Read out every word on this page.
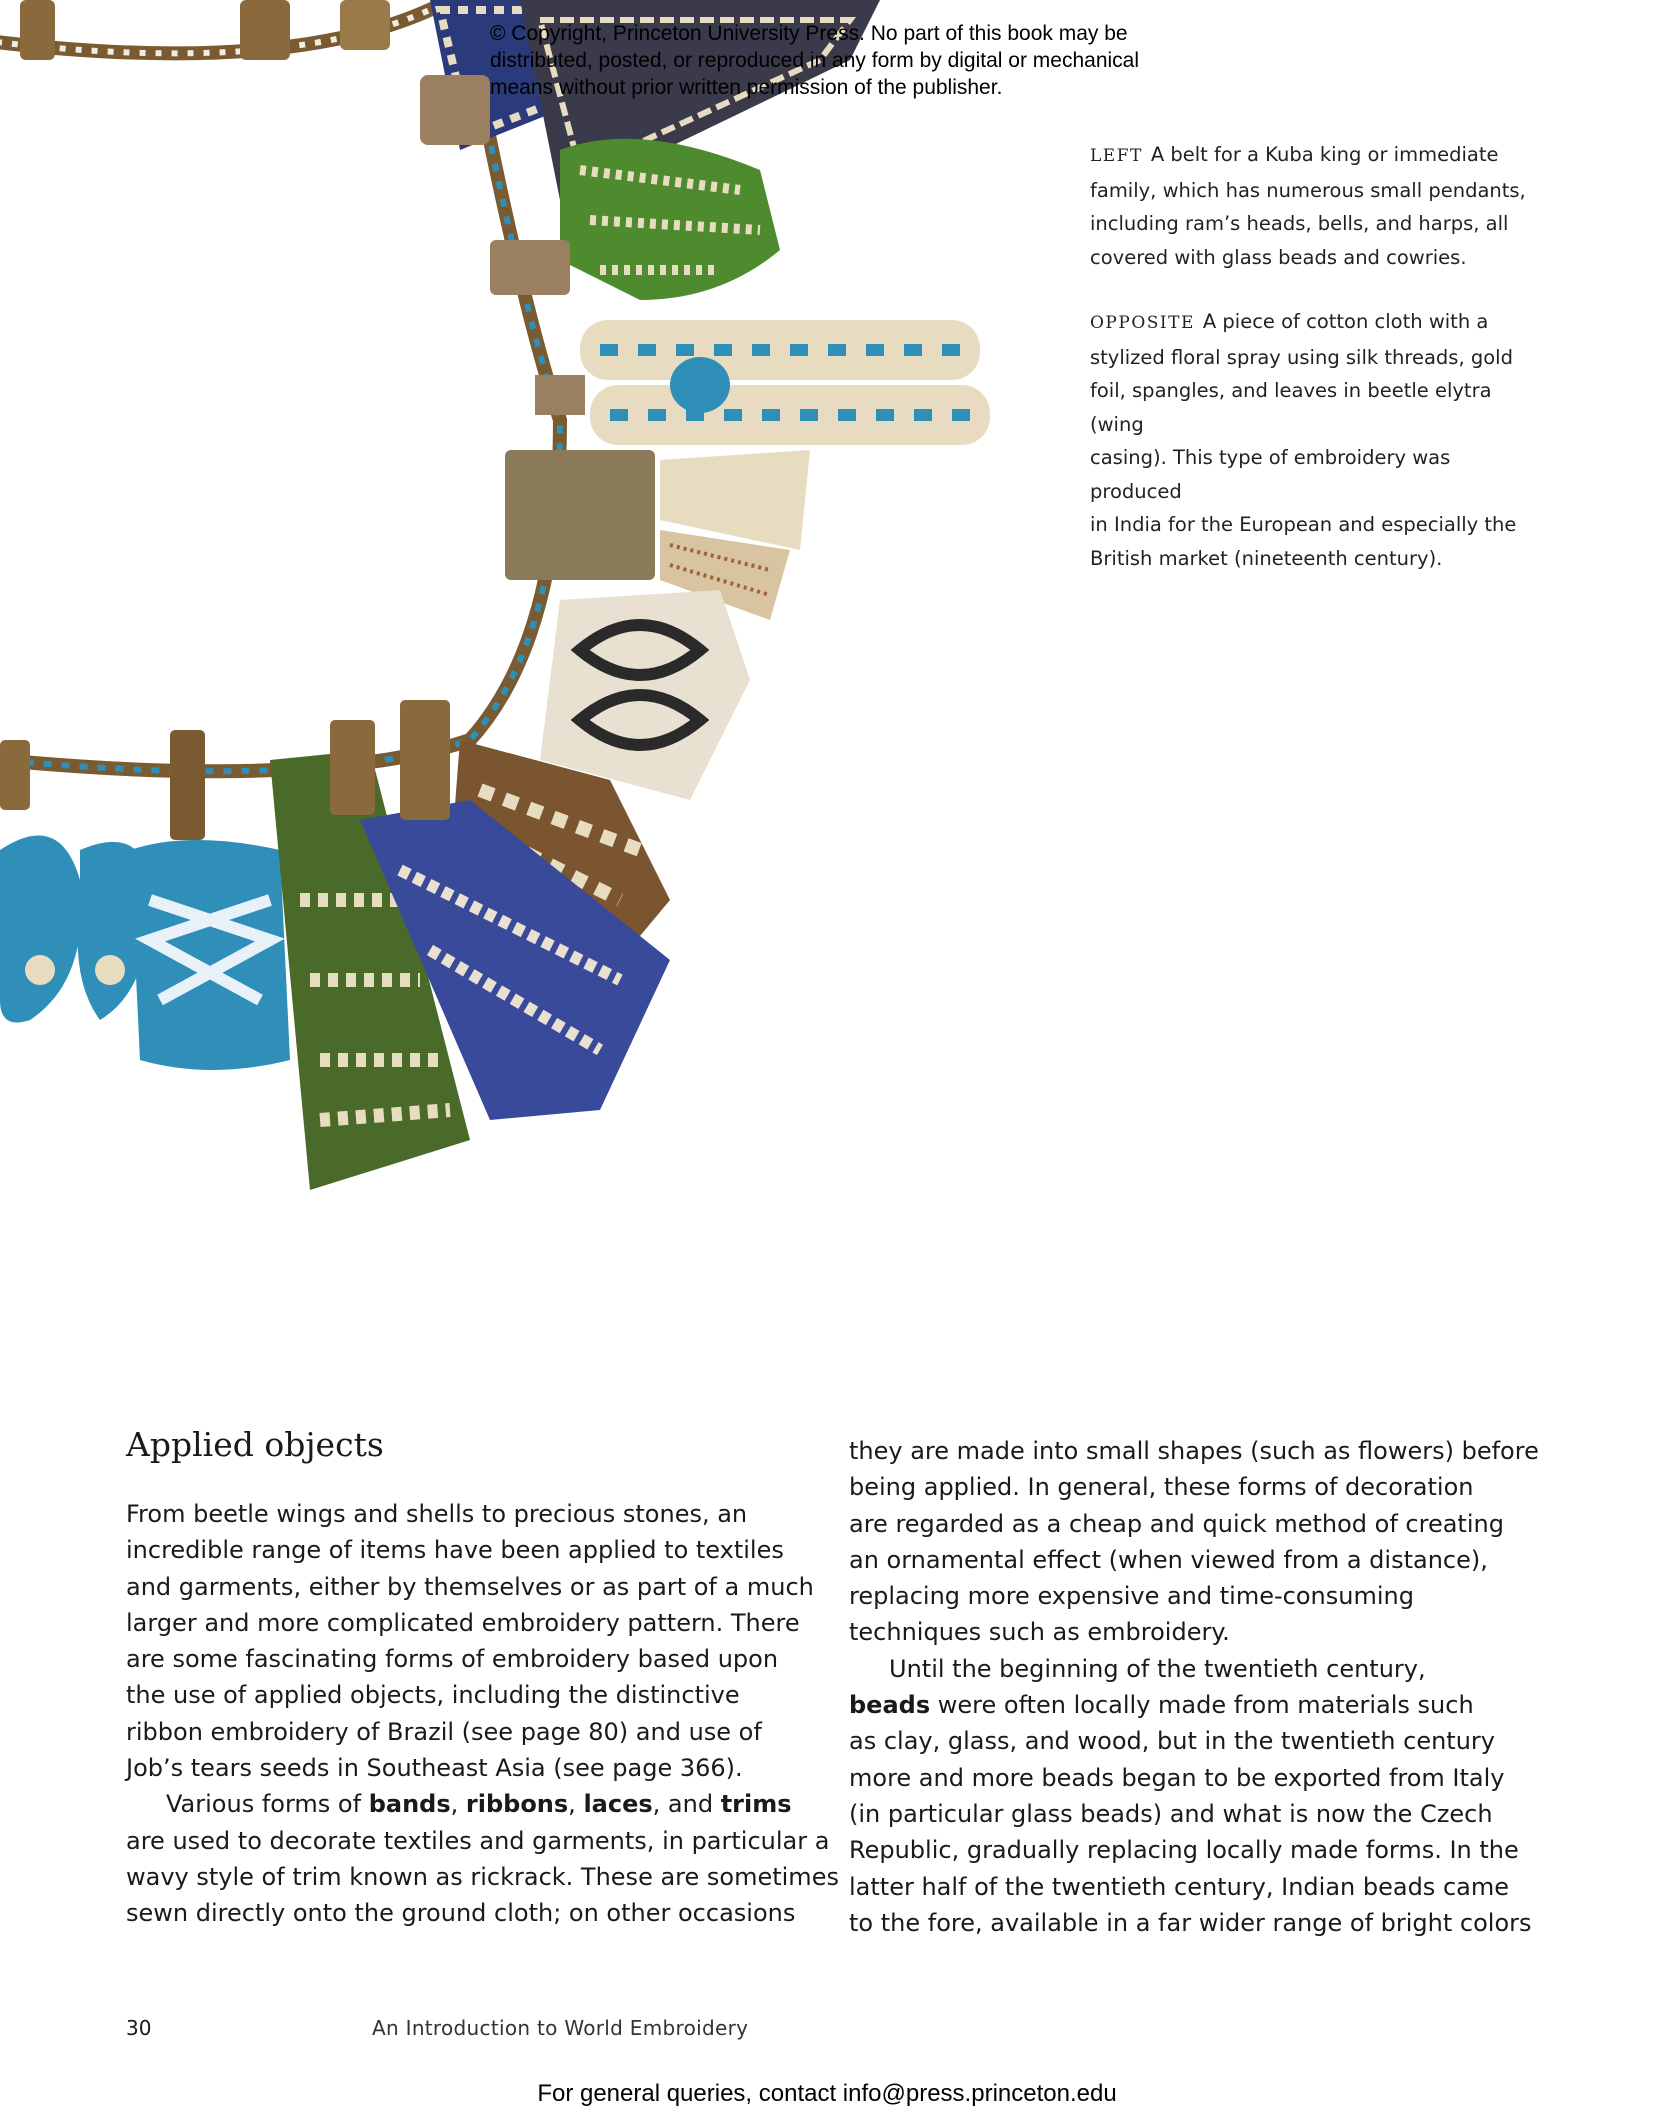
© Copyright, Princeton University Press. No part of this book may be
distributed, posted, or reproduced in any form by digital or mechanical
means without prior written permission of the publisher.
LEFT A belt for a Kuba king or immediate
family, which has numerous small pendants,
including ram’s heads, bells, and harps, all
covered with glass beads and cowries.
OPPOSITE A piece of cotton cloth with a
stylized floral spray using silk threads, gold
foil, spangles, and leaves in beetle elytra (wing
casing). This type of embroidery was produced
in India for the European and especially the
British market (nineteenth century).
Applied objects

From beetle wings and shells to precious stones, an

incredible range of items have been applied to textiles

and garments, either by themselves or as part of a much

larger and more complicated embroidery pattern. There

are some fascinating forms of embroidery based upon

the use of applied objects, including the distinctive

ribbon embroidery of Brazil (see page 80) and use of

Job’s tears seeds in Southeast Asia (see page 366).

Various forms of bands, ribbons, laces, and trims

are used to decorate textiles and garments, in particular a

wavy style of trim known as rickrack. These are sometimes

sewn directly onto the ground cloth; on other occasions

they are made into small shapes (such as flowers) before

being applied. In general, these forms of decoration

are regarded as a cheap and quick method of creating

an ornamental effect (when viewed from a distance),

replacing more expensive and time-consuming

techniques such as embroidery.

Until the beginning of the twentieth century,

beads were often locally made from materials such

as clay, glass, and wood, but in the twentieth century

more and more beads began to be exported from Italy

(in particular glass beads) and what is now the Czech

Republic, gradually replacing locally made forms. In the

latter half of the twentieth century, Indian beads came

to the fore, available in a far wider range of bright colors

30	An Introduction to World Embroidery
For general queries, contact info@press.princeton.edu
